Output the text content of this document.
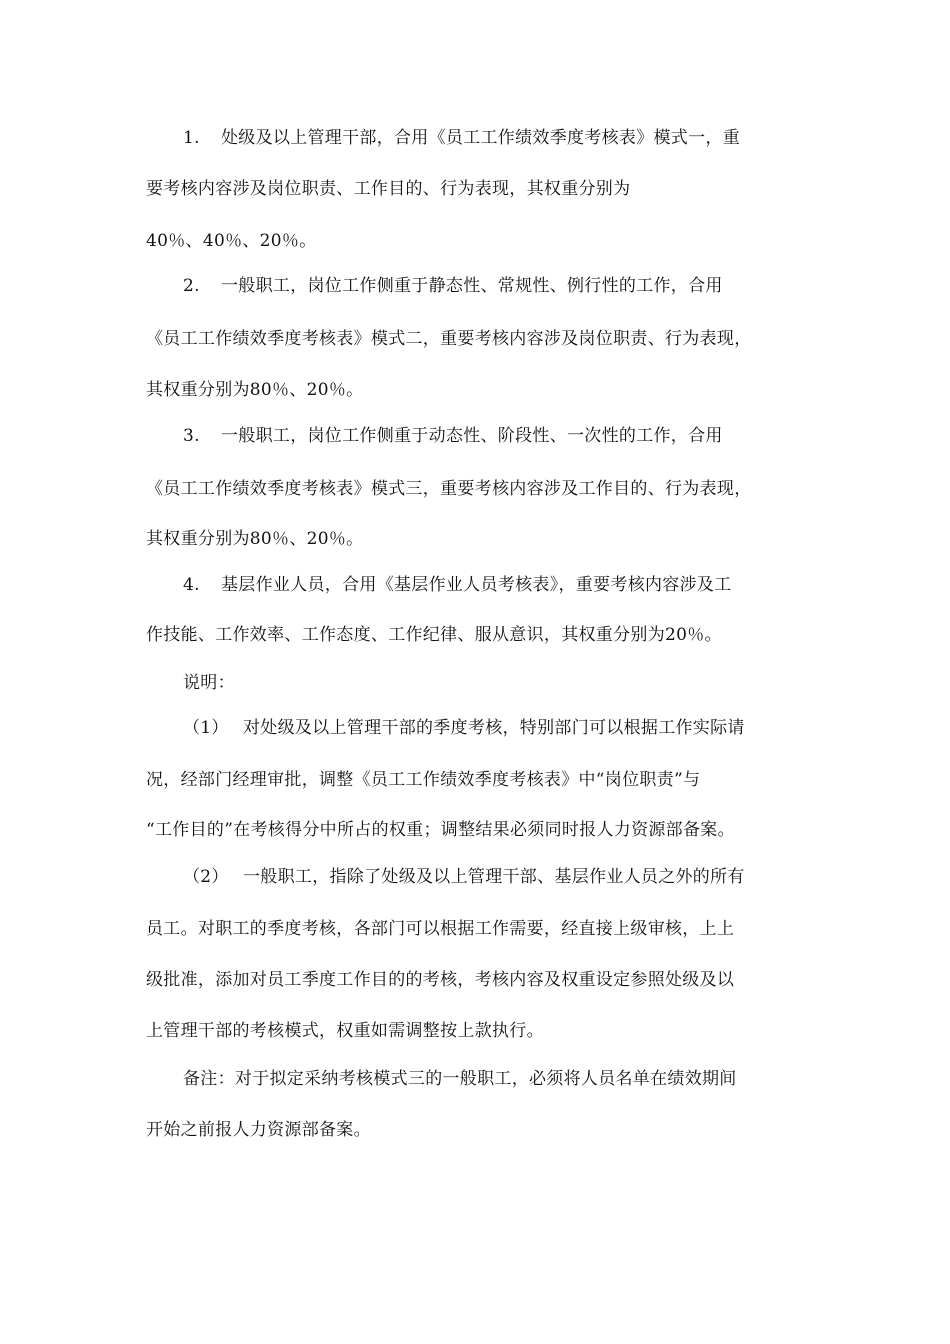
1. 处级及以上管理干部，合用《员工工作绩效季度考核表》模式一，重
要考核内容涉及岗位职责、工作目的、行为表现，其权重分别为
40％、40％、20％。
2. 一般职工，岗位工作侧重于静态性、常规性、例行性的工作，合用
《员工工作绩效季度考核表》模式二，重要考核内容涉及岗位职责、行为表现，
其权重分别为80％、20％。
3. 一般职工，岗位工作侧重于动态性、阶段性、一次性的工作，合用
《员工工作绩效季度考核表》模式三，重要考核内容涉及工作目的、行为表现，
其权重分别为80％、20％。
4. 基层作业人员，合用《基层作业人员考核表》，重要考核内容涉及工
作技能、工作效率、工作态度、工作纪律、服从意识，其权重分别为20％。
说明：
（1） 对处级及以上管理干部的季度考核，特别部门可以根据工作实际请
况，经部门经理审批，调整《员工工作绩效季度考核表》中“岗位职责”与
“工作目的”在考核得分中所占的权重；调整结果必须同时报人力资源部备案。
（2） 一般职工，指除了处级及以上管理干部、基层作业人员之外的所有
员工。对职工的季度考核，各部门可以根据工作需要，经直接上级审核，上上
级批准，添加对员工季度工作目的的考核，考核内容及权重设定参照处级及以
上管理干部的考核模式，权重如需调整按上款执行。
备注：对于拟定采纳考核模式三的一般职工，必须将人员名单在绩效期间
开始之前报人力资源部备案。
